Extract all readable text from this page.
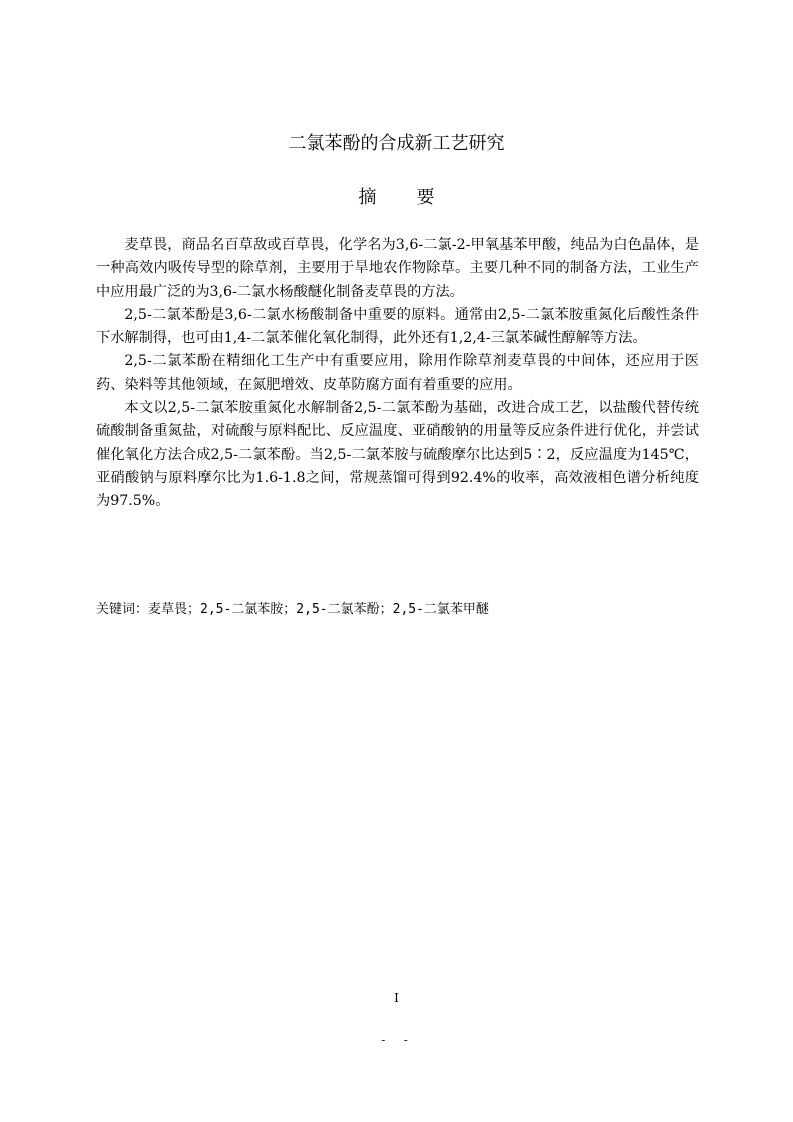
二氯苯酚的合成新工艺研究
摘 要

麦草畏，商品名百草敌或百草畏，化学名为3,6-二氯-2-甲氧基苯甲酸，纯品为白色晶体，是一种高效内吸传导型的除草剂，主要用于旱地农作物除草。主要几种不同的制备方法，工业生产中应用最广泛的为3,6-二氯水杨酸醚化制备麦草畏的方法。

2,5-二氯苯酚是3,6-二氯水杨酸制备中重要的原料。通常由2,5-二氯苯胺重氮化后酸性条件下水解制得，也可由1,4-二氯苯催化氧化制得，此外还有1,2,4-三氯苯碱性醇解等方法。

2,5-二氯苯酚在精细化工生产中有重要应用，除用作除草剂麦草畏的中间体，还应用于医药、染料等其他领域，在氮肥增效、皮革防腐方面有着重要的应用。

本文以2,5-二氯苯胺重氮化水解制备2,5-二氯苯酚为基础，改进合成工艺，以盐酸代替传统硫酸制备重氮盐，对硫酸与原料配比、反应温度、亚硝酸钠的用量等反应条件进行优化，并尝试催化氧化方法合成2,5-二氯苯酚。当2,5-二氯苯胺与硫酸摩尔比达到5∶2，反应温度为145℃，亚硝酸钠与原料摩尔比为1.6-1.8之间，常规蒸馏可得到92.4%的收率，高效液相色谱分析纯度为97.5%。

关键词：麦草畏；2,5-二氯苯胺；2,5-二氯苯酚；2,5-二氯苯甲醚

I
- -
